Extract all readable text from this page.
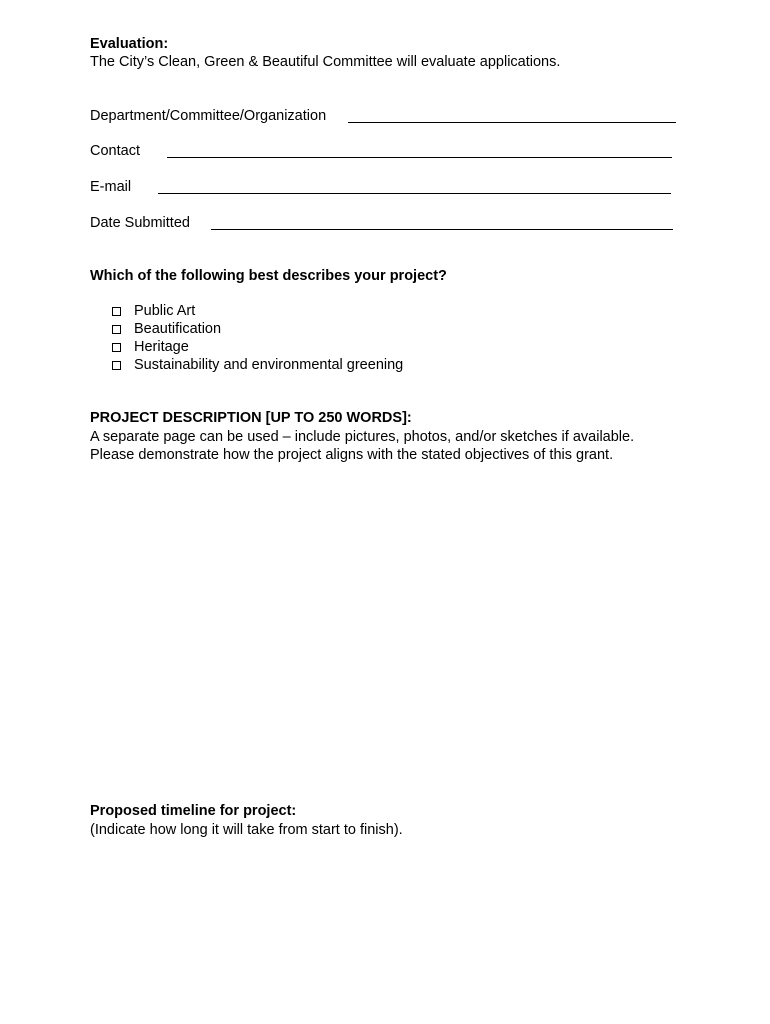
Evaluation:
The City’s Clean, Green & Beautiful Committee will evaluate applications.
Department/Committee/Organization
Contact
E-mail
Date Submitted
Which of the following best describes your project?
Public Art
Beautification
Heritage
Sustainability and environmental greening
PROJECT DESCRIPTION [UP TO 250 WORDS]:
A separate page can be used – include pictures, photos, and/or sketches if available.
Please demonstrate how the project aligns with the stated objectives of this grant.
Proposed timeline for project:
(Indicate how long it will take from start to finish).
